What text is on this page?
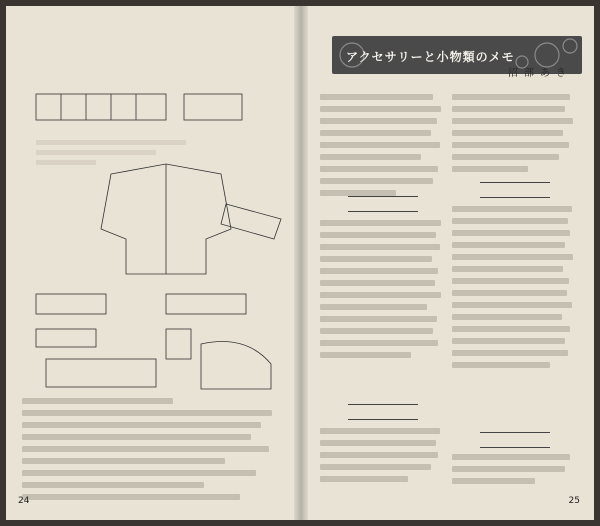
24
アクセサリーと小物類のメモ
沼部あき
25
